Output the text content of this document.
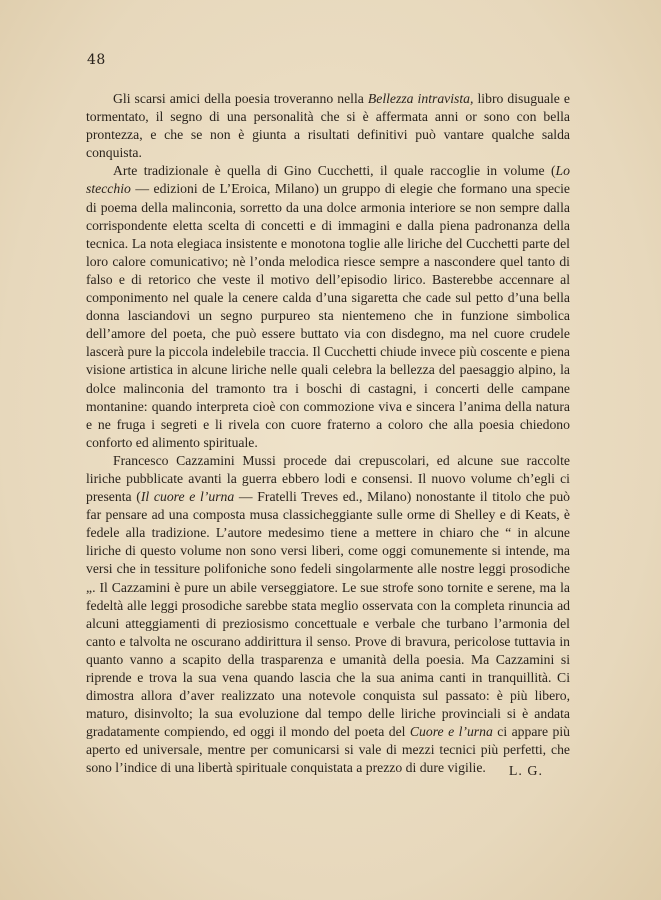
48

Gli scarsi amici della poesia troveranno nella Bellezza intravista, libro disuguale e tormentato, il segno di una personalità che si è affermata anni or sono con bella prontezza, e che se non è giunta a risultati definitivi può vantare qualche salda conquista.

Arte tradizionale è quella di Gino Cucchetti, il quale raccoglie in volume (Lo stecchio — edizioni de L’Eroica, Milano) un gruppo di elegie che formano una specie di poema della malinconia, sorretto da una dolce armonia interiore se non sempre dalla corrispondente eletta scelta di concetti e di immagini e dalla piena padronanza della tecnica. La nota elegiaca insistente e monotona toglie alle liriche del Cucchetti parte del loro calore comunicativo; nè l’onda melodica riesce sempre a nascondere quel tanto di falso e di retorico che veste il motivo dell’episodio lirico. Basterebbe accennare al componimento nel quale la cenere calda d’una sigaretta che cade sul petto d’una bella donna lasciandovi un segno purpureo sta nientemeno che in funzione simbolica dell’amore del poeta, che può essere buttato via con disdegno, ma nel cuore crudele lascerà pure la piccola indelebile traccia. Il Cucchetti chiude invece più coscente e piena visione artistica in alcune liriche nelle quali celebra la bellezza del paesaggio alpino, la dolce malinconia del tramonto tra i boschi di castagni, i concerti delle campane montanine: quando interpreta cioè con commozione viva e sincera l’anima della natura e ne fruga i segreti e li rivela con cuore fraterno a coloro che alla poesia chiedono conforto ed alimento spirituale.

Francesco Cazzamini Mussi procede dai crepuscolari, ed alcune sue raccolte liriche pubblicate avanti la guerra ebbero lodi e consensi. Il nuovo volume ch’egli ci presenta (Il cuore e l’urna — Fratelli Treves ed., Milano) nonostante il titolo che può far pensare ad una composta musa classicheggiante sulle orme di Shelley e di Keats, è fedele alla tradizione. L’autore medesimo tiene a mettere in chiaro che “ in alcune liriche di questo volume non sono versi liberi, come oggi comunemente si intende, ma versi che in tessiture polifoniche sono fedeli singolarmente alle nostre leggi prosodiche „. Il Cazzamini è pure un abile verseggiatore. Le sue strofe sono tornite e serene, ma la fedeltà alle leggi prosodiche sarebbe stata meglio osservata con la completa rinuncia ad alcuni atteggiamenti di preziosismo concettuale e verbale che turbano l’armonia del canto e talvolta ne oscurano addirittura il senso. Prove di bravura, pericolose tuttavia in quanto vanno a scapito della trasparenza e umanità della poesia. Ma Cazzamini si riprende e trova la sua vena quando lascia che la sua anima canti in tranquillità. Ci dimostra allora d’aver realizzato una notevole conquista sul passato: è più libero, maturo, disinvolto; la sua evoluzione dal tempo delle liriche provinciali si è andata gradatamente compiendo, ed oggi il mondo del poeta del Cuore e l’urna ci appare più aperto ed universale, mentre per comunicarsi si vale di mezzi tecnici più perfetti, che sono l’indice di una libertà spirituale conquistata a prezzo di dure vigilie.	L. G.
